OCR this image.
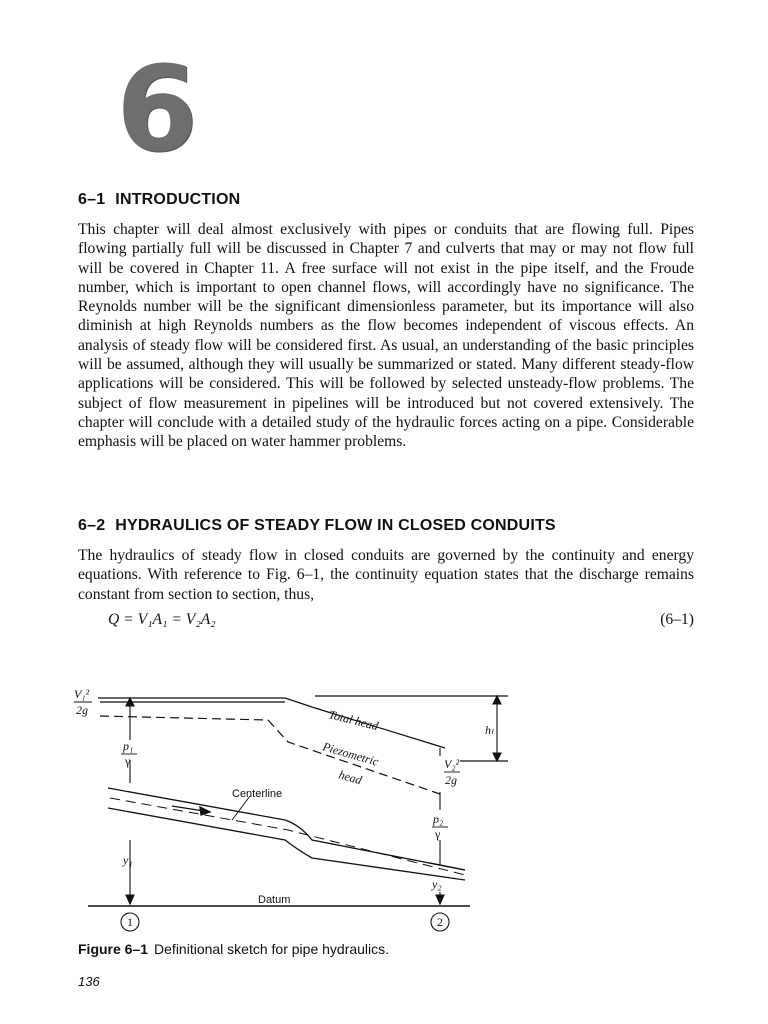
6
6–1 INTRODUCTION

This chapter will deal almost exclusively with pipes or conduits that are flowing full. Pipes flowing partially full will be discussed in Chapter 7 and culverts that may or may not flow full will be covered in Chapter 11. A free surface will not exist in the pipe itself, and the Froude number, which is important to open channel flows, will accordingly have no significance. The Reynolds number will be the significant dimensionless parameter, but its importance will also diminish at high Reynolds numbers as the flow becomes independent of viscous effects. An analysis of steady flow will be considered first. As usual, an understanding of the basic principles will be assumed, although they will usually be summarized or stated. Many different steady-flow applications will be considered. This will be followed by selected unsteady-flow problems. The subject of flow measurement in pipelines will be introduced but not covered extensively. The chapter will conclude with a detailed study of the hydraulic forces acting on a pipe. Considerable emphasis will be placed on water hammer problems.

6–2 HYDRAULICS OF STEADY FLOW IN CLOSED CONDUITS

The hydraulics of steady flow in closed conduits are governed by the continuity and energy equations. With reference to Fig. 6–1, the continuity equation states that the discharge remains constant from section to section, thus,

Q = V₁A₁ = V₂A₂	(6–1)
1	2
V₁²
2g
p₁
γ
y₁
V₂²
2g
p₂
γ
y₂
hₗ
Total head
Piezometric
head
Centerline
Datum
Figure 6–1 Definitional sketch for pipe hydraulics.
136
